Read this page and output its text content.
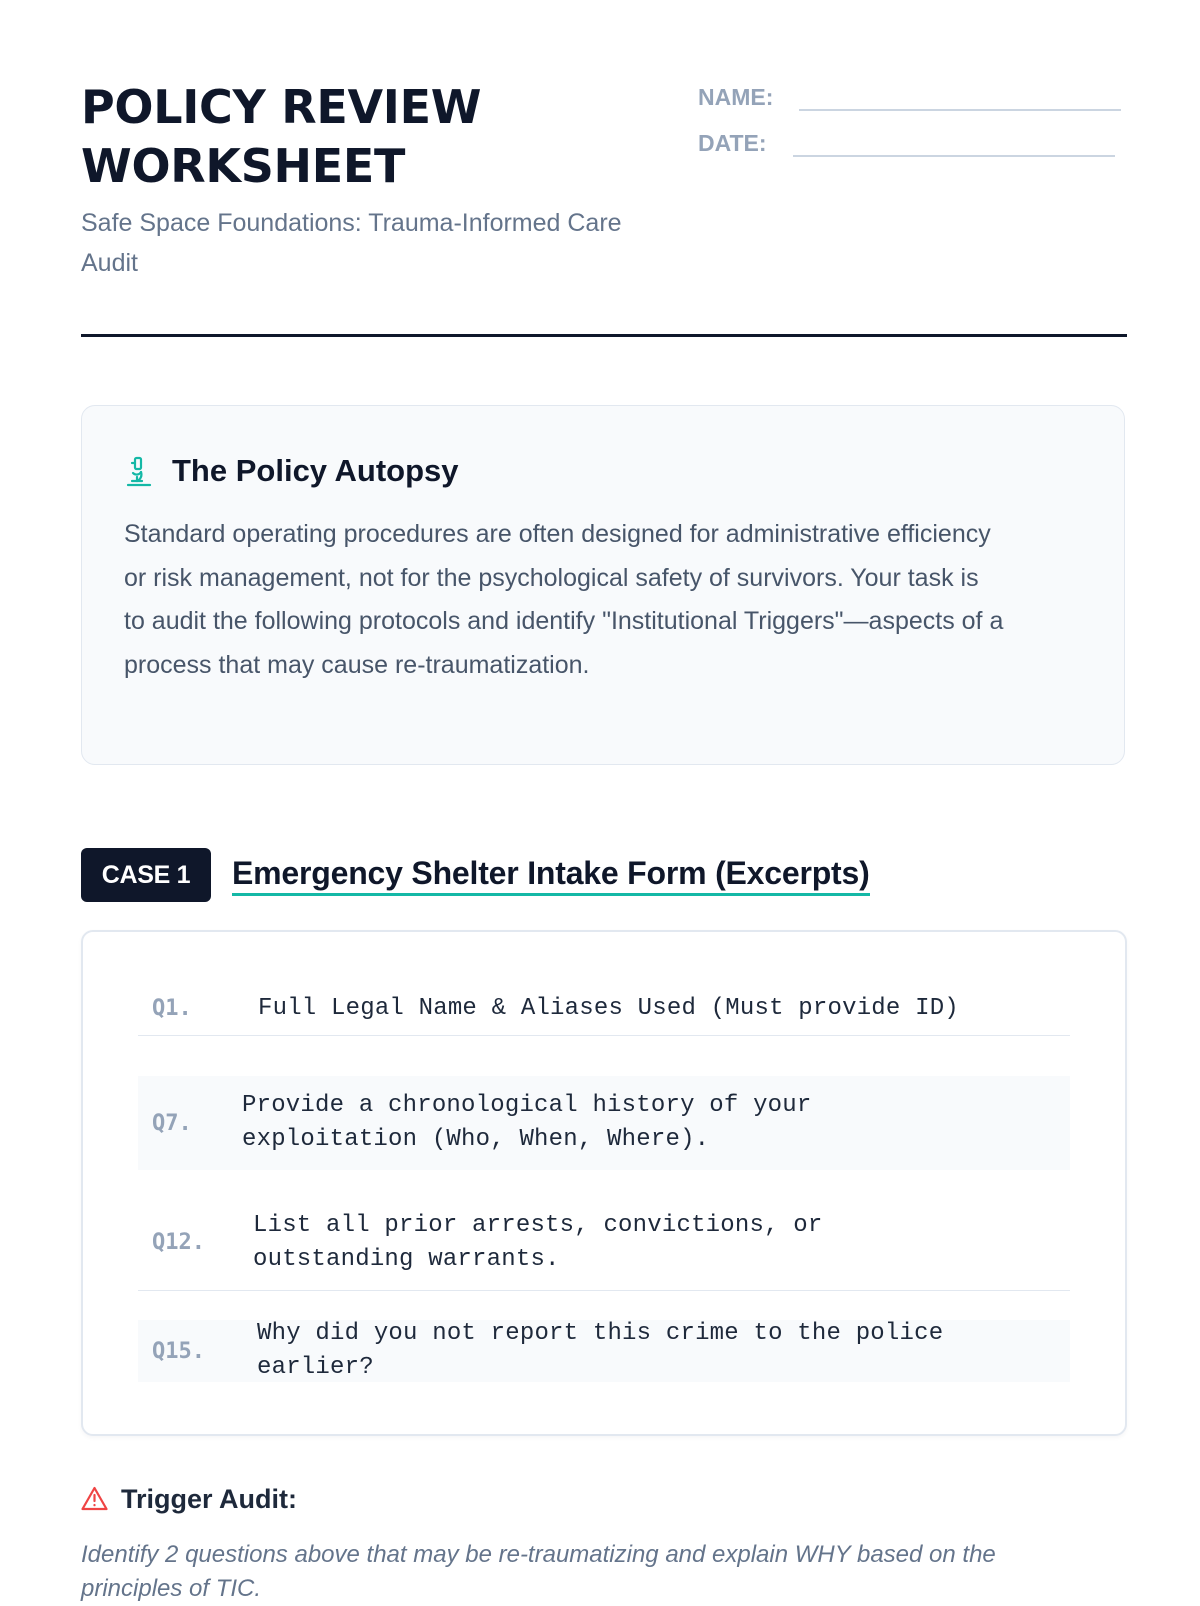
POLICY REVIEW WORKSHEET

Safe Space Foundations: Trauma-Informed Care Audit

NAME:
DATE:
The Policy Autopsy

Standard operating procedures are often designed for administrative efficiency or risk management, not for the psychological safety of survivors. Your task is to audit the following protocols and identify "Institutional Triggers"—aspects of a process that may cause re-traumatization.

CASE 1	Emergency Shelter Intake Form (Excerpts)
Q1.	Full Legal Name & Aliases Used (Must provide ID)
Q7.
Provide a chronological history of your exploitation (Who, When, Where).
Q12.
List all prior arrests, convictions, or outstanding warrants.
Q15.
Why did you not report this crime to the police earlier?
Trigger Audit:

Identify 2 questions above that may be re-traumatizing and explain WHY based on the principles of TIC.
